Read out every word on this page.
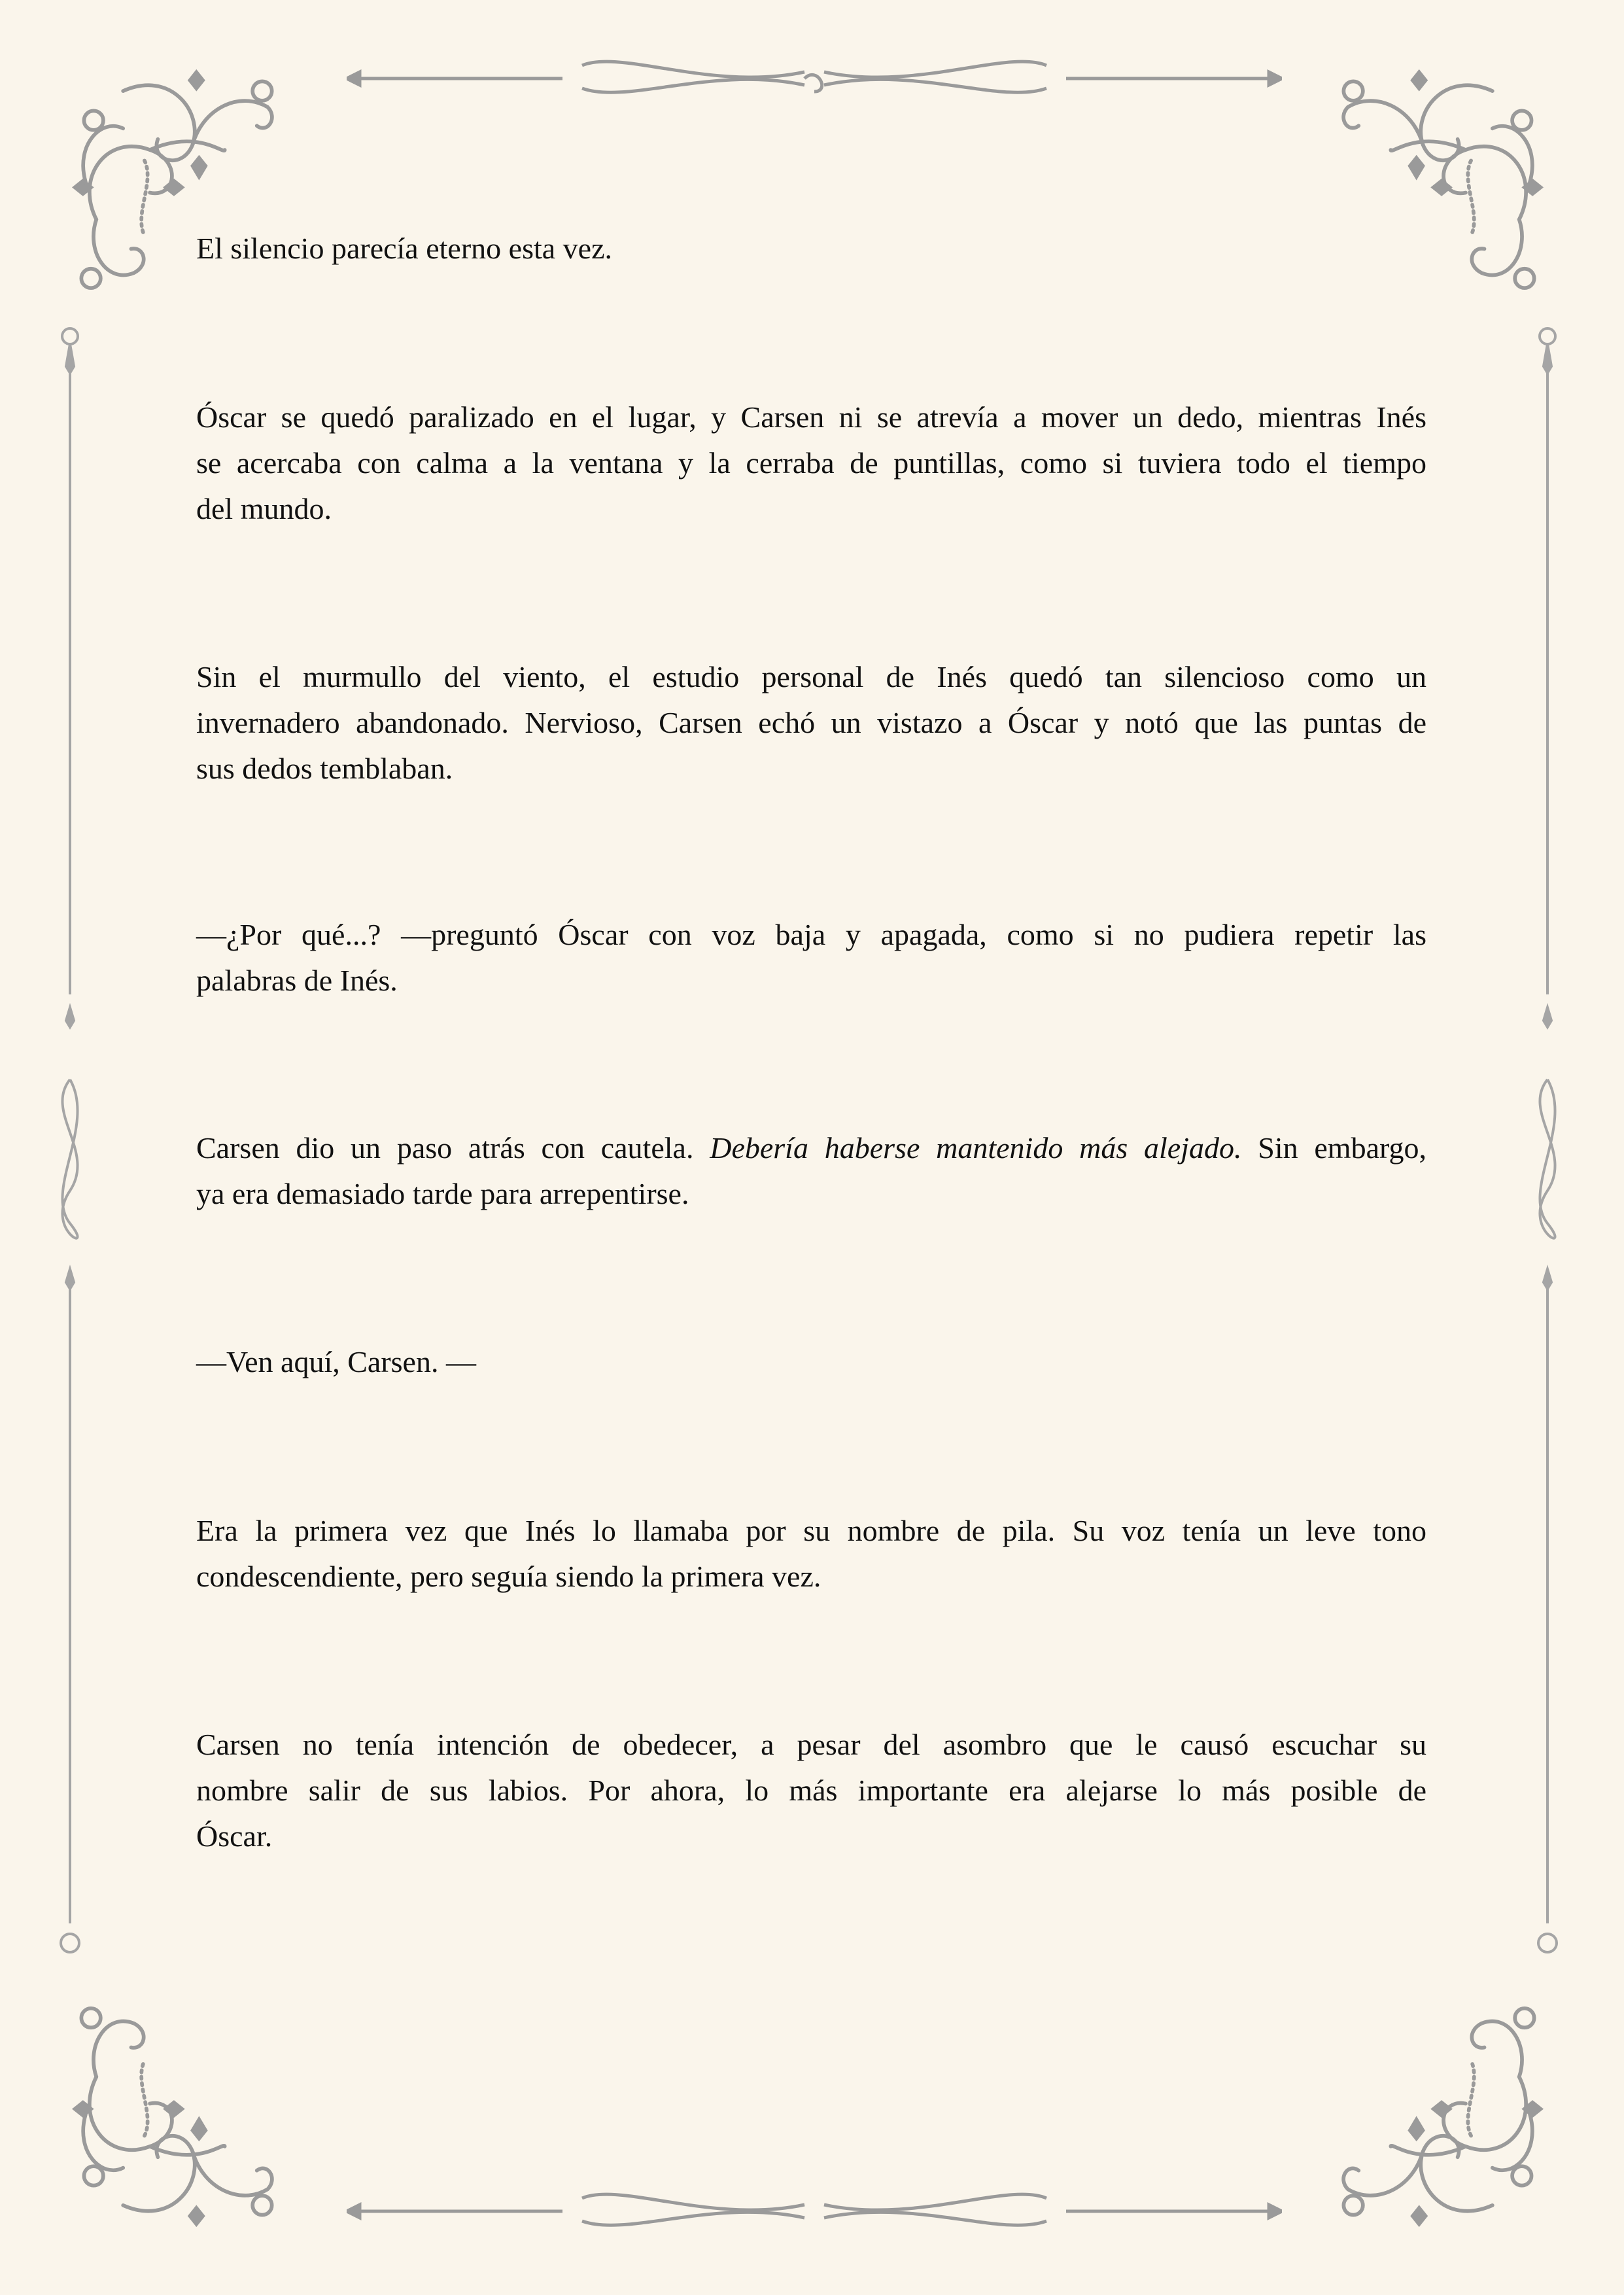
El silencio parecía eterno esta vez.
Óscar se quedó paralizado en el lugar, y Carsen ni se atrevía a mover un dedo, mientras Inés
se acercaba con calma a la ventana y la cerraba de puntillas, como si tuviera todo el tiempo
del mundo.
Sin el murmullo del viento, el estudio personal de Inés quedó tan silencioso como un
invernadero abandonado. Nervioso, Carsen echó un vistazo a Óscar y notó que las puntas de
sus dedos temblaban.
—¿Por qué...? —preguntó Óscar con voz baja y apagada, como si no pudiera repetir las
palabras de Inés.
Carsen dio un paso atrás con cautela. Debería haberse mantenido más alejado. Sin embargo,
ya era demasiado tarde para arrepentirse.
—Ven aquí, Carsen. —
Era la primera vez que Inés lo llamaba por su nombre de pila. Su voz tenía un leve tono
condescendiente, pero seguía siendo la primera vez.
Carsen no tenía intención de obedecer, a pesar del asombro que le causó escuchar su
nombre salir de sus labios. Por ahora, lo más importante era alejarse lo más posible de
Óscar.
